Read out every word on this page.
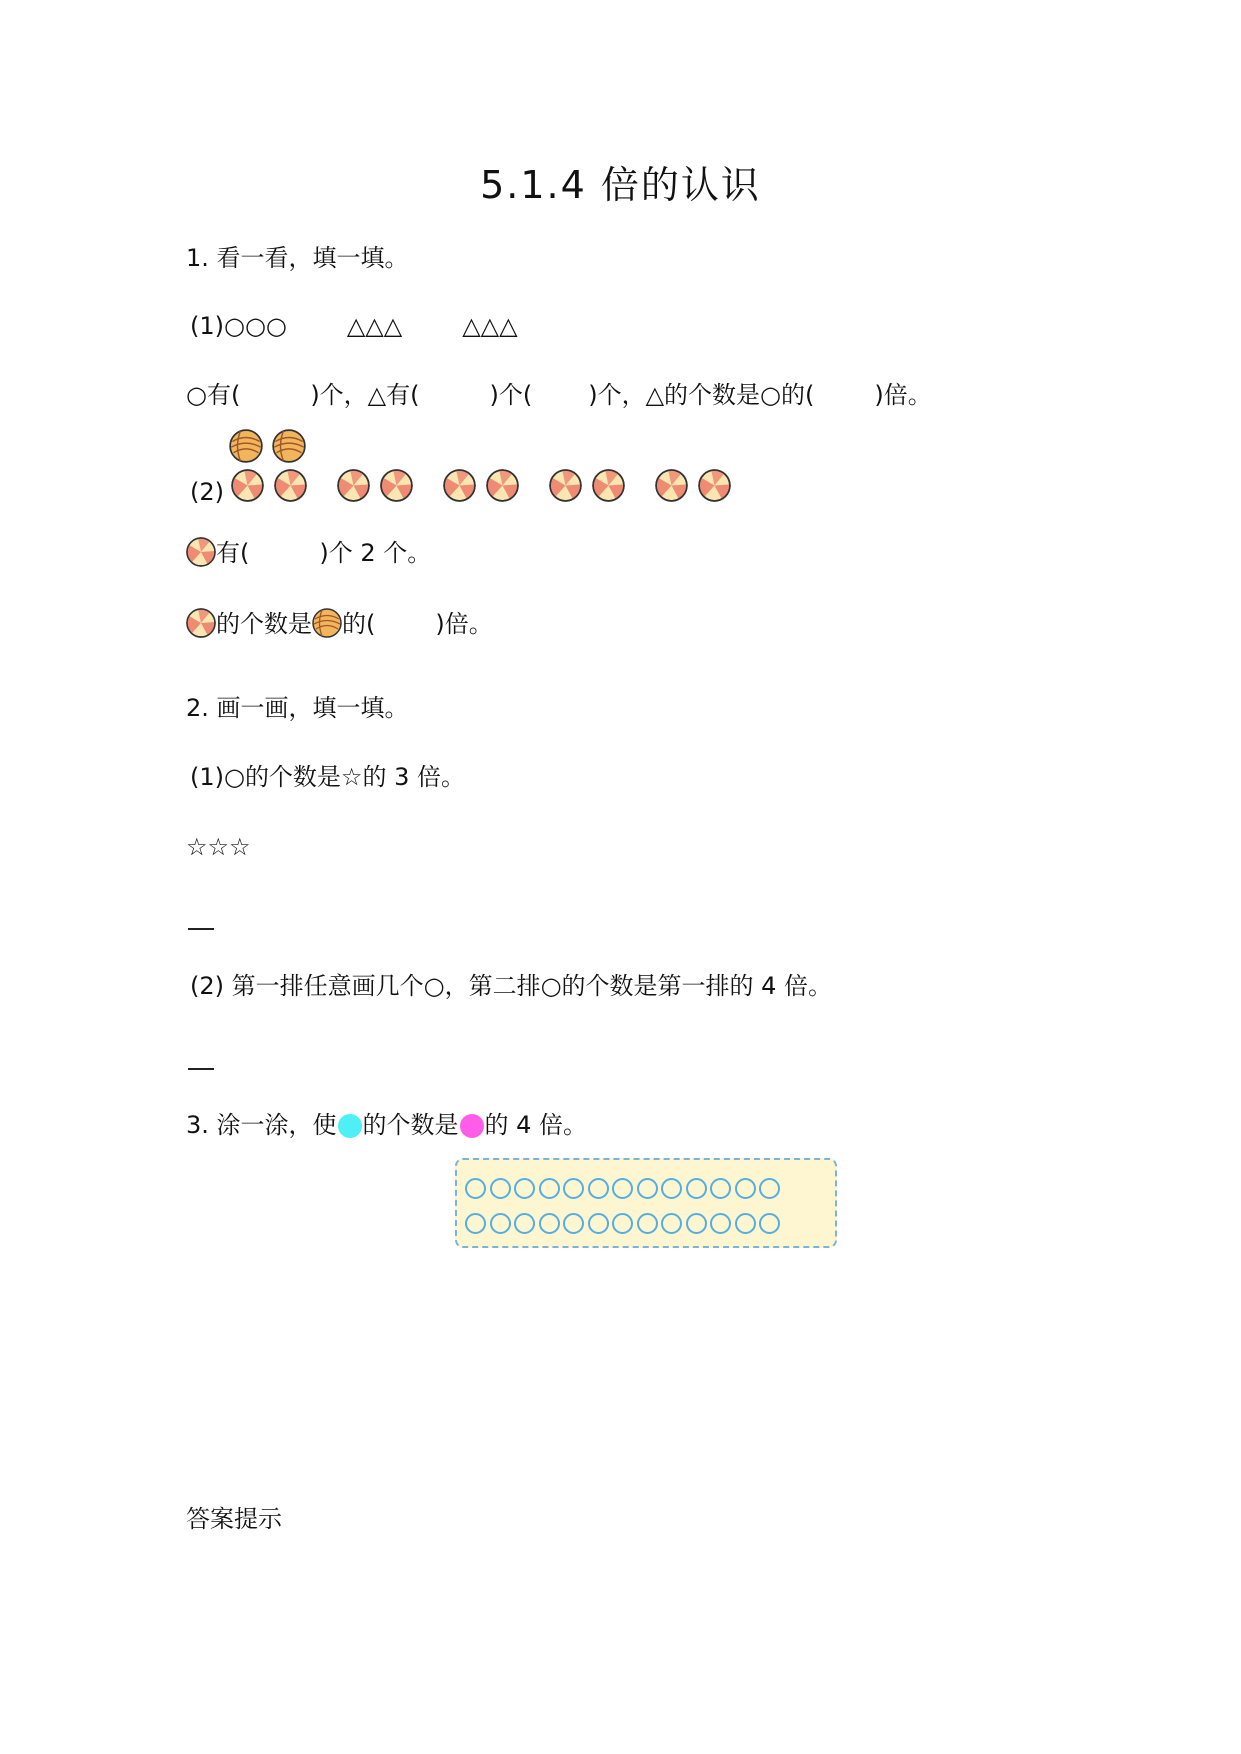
5.1.4 倍的认识
1. 看一看，填一填。
(1)○○○	△△△	△△△
○有(	)个，△有(	)个( )个，△的个数是○的(	)倍。
(2)
有(	)个 2 个。
的个数是 的(	)倍。
2. 画一画，填一填。
(1)○的个数是☆的 3 倍。
☆☆☆
(2) 第一排任意画几个○，第二排○的个数是第一排的 4 倍。
3. 涂一涂，使 的个数是 的 4 倍。
答案提示
